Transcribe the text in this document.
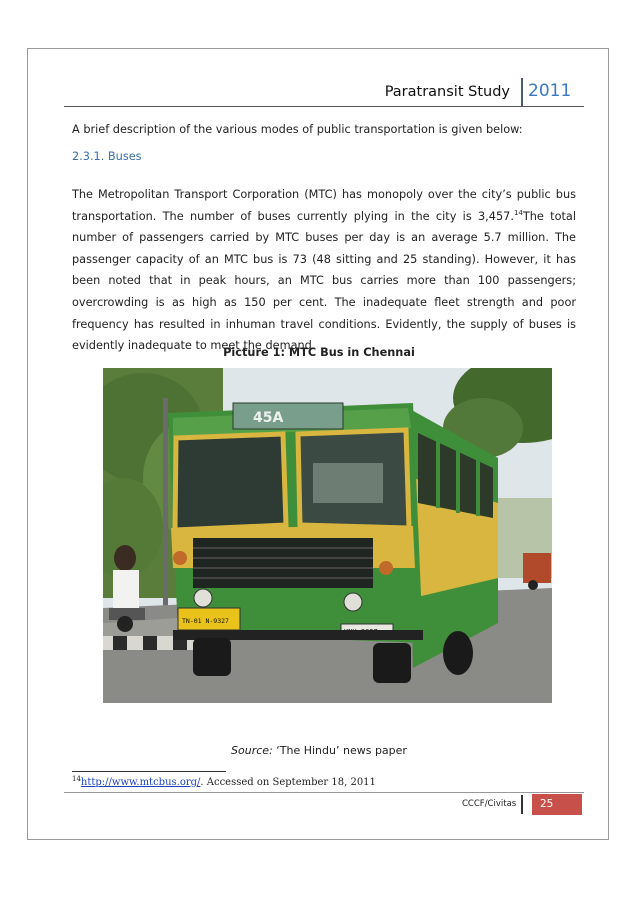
Paratransit Study 2011
A brief description of the various modes of public transportation is given below:
2.3.1. Buses
The Metropolitan Transport Corporation (MTC) has monopoly over the city’s public bus transportation. The number of buses currently plying in the city is 3,457.14The total number of passengers carried by MTC buses per day is an average 5.7 million. The passenger capacity of an MTC bus is 73 (48 sitting and 25 standing). However, it has been noted that in peak hours, an MTC bus carries more than 100 passengers; overcrowding is as high as 150 per cent. The inadequate fleet strength and poor frequency has resulted in inhuman travel conditions. Evidently, the supply of buses is evidently inadequate to meet the demand.
Picture 1: MTC Bus in Chennai
45A
TN-01 N-9327
Source: ‘The Hindu’ news paper
$^{14}$http://www.mtcbus.org/. Accessed on September 18, 2011
CCCF/Civitas	25
